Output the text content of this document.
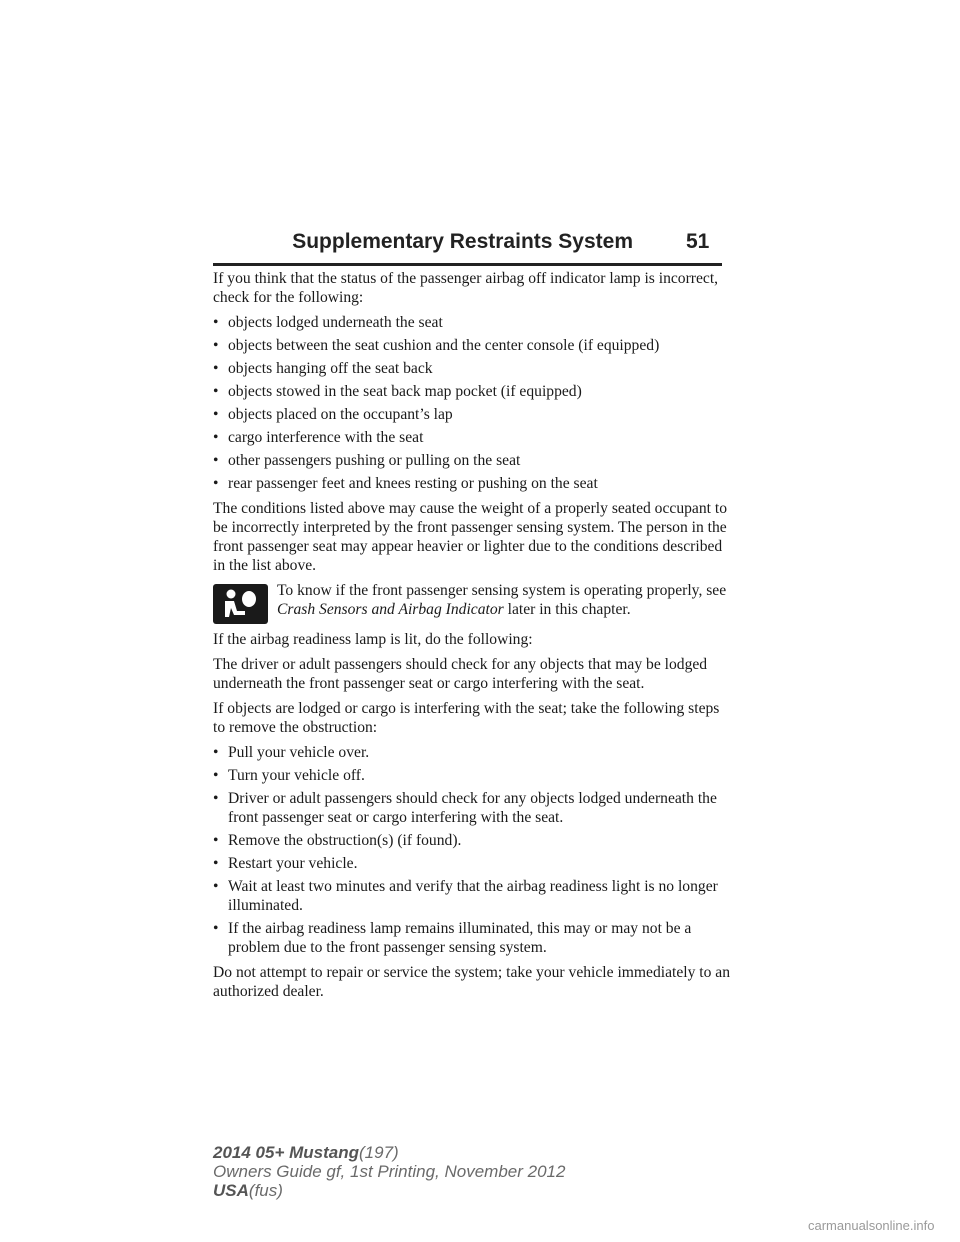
Supplementary Restraints System	51

If you think that the status of the passenger airbag off indicator lamp is incorrect, check for the following:

• objects lodged underneath the seat
• objects between the seat cushion and the center console (if equipped)
• objects hanging off the seat back
• objects stowed in the seat back map pocket (if equipped)
• objects placed on the occupant’s lap
• cargo interference with the seat
• other passengers pushing or pulling on the seat
• rear passenger feet and knees resting or pushing on the seat

The conditions listed above may cause the weight of a properly seated occupant to be incorrectly interpreted by the front passenger sensing system. The person in the front passenger seat may appear heavier or lighter due to the conditions described in the list above.

To know if the front passenger sensing system is operating properly, see Crash Sensors and Airbag Indicator later in this chapter.

If the airbag readiness lamp is lit, do the following:

The driver or adult passengers should check for any objects that may be lodged underneath the front passenger seat or cargo interfering with the seat.

If objects are lodged or cargo is interfering with the seat; take the following steps to remove the obstruction:

• Pull your vehicle over.
• Turn your vehicle off.
• Driver or adult passengers should check for any objects lodged underneath the front passenger seat or cargo interfering with the seat.
• Remove the obstruction(s) (if found).
• Restart your vehicle.
• Wait at least two minutes and verify that the airbag readiness light is no longer illuminated.
• If the airbag readiness lamp remains illuminated, this may or may not be a problem due to the front passenger sensing system.

Do not attempt to repair or service the system; take your vehicle immediately to an authorized dealer.

2014 05+ Mustang(197)
Owners Guide gf, 1st Printing, November 2012
USA(fus)
carmanualsonline.info
